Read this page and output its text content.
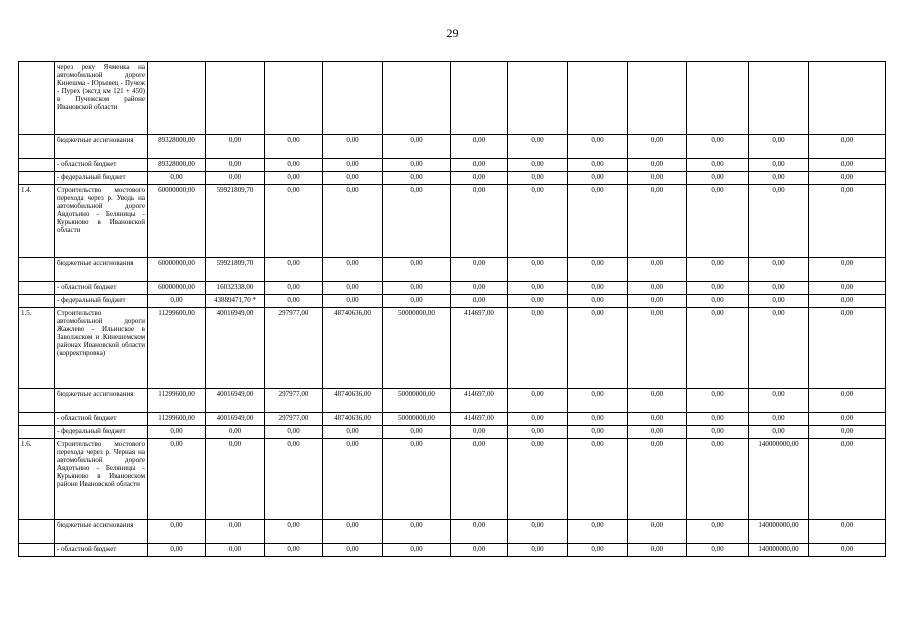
29
	через реку Ячменка на автомобильной дороге Кинешма - Юрьевец - Пучеж - Пурех (экстд км 121 + 450) в Пучежском районе Ивановской области												
	бюджетные ассигнования	89328000,00	0,00	0,00	0,00	0,00	0,00	0,00	0,00	0,00	0,00	0,00	0,00
	- областной бюджет	89328000,00	0,00	0,00	0,00	0,00	0,00	0,00	0,00	0,00	0,00	0,00	0,00
	- федеральный бюджет	0,00	0,00	0,00	0,00	0,00	0,00	0,00	0,00	0,00	0,00	0,00	0,00
1.4.	Строительство мостового перехода через р. Уводь на автомобильной дороге Авдотьино - Беляницы - Курьяново в Ивановской области	60000000,00	59921809,70	0,00	0,00	0,00	0,00	0,00	0,00	0,00	0,00	0,00	0,00
	бюджетные ассигнования	60000000,00	59921809,70	0,00	0,00	0,00	0,00	0,00	0,00	0,00	0,00	0,00	0,00
	- областной бюджет	60000000,00	16032338,00	0,00	0,00	0,00	0,00	0,00	0,00	0,00	0,00	0,00	0,00
	- федеральный бюджет	0,00	43889471,70 *	0,00	0,00	0,00	0,00	0,00	0,00	0,00	0,00	0,00	0,00
1.5.	Строительство автомобильной дороги Жажлево - Ильинское в Заволжском и Кинешемском районах Ивановской области (корректировка)	11299600,00	40016949,00	297977,00	48740636,00	50000000,00	414697,00	0,00	0,00	0,00	0,00	0,00	0,00
	бюджетные ассигнования	11299600,00	40016949,00	297977,00	48740636,00	50000000,00	414697,00	0,00	0,00	0,00	0,00	0,00	0,00
	- областной бюджет	11299600,00	40016949,00	297977,00	48740636,00	50000000,00	414697,00	0,00	0,00	0,00	0,00	0,00	0,00
	- федеральный бюджет	0,00	0,00	0,00	0,00	0,00	0,00	0,00	0,00	0,00	0,00	0,00	0,00
1.6.	Строительство мостового перехода через р. Черная на автомобильной дороге Авдотьино - Беляницы - Курьяново в Ивановском районе Ивановской области	0,00	0,00	0,00	0,00	0,00	0,00	0,00	0,00	0,00	0,00	140000000,00	0,00
	бюджетные ассигнования	0,00	0,00	0,00	0,00	0,00	0,00	0,00	0,00	0,00	0,00	140000000,00	0,00
	- областной бюджет	0,00	0,00	0,00	0,00	0,00	0,00	0,00	0,00	0,00	0,00	140000000,00	0,00
